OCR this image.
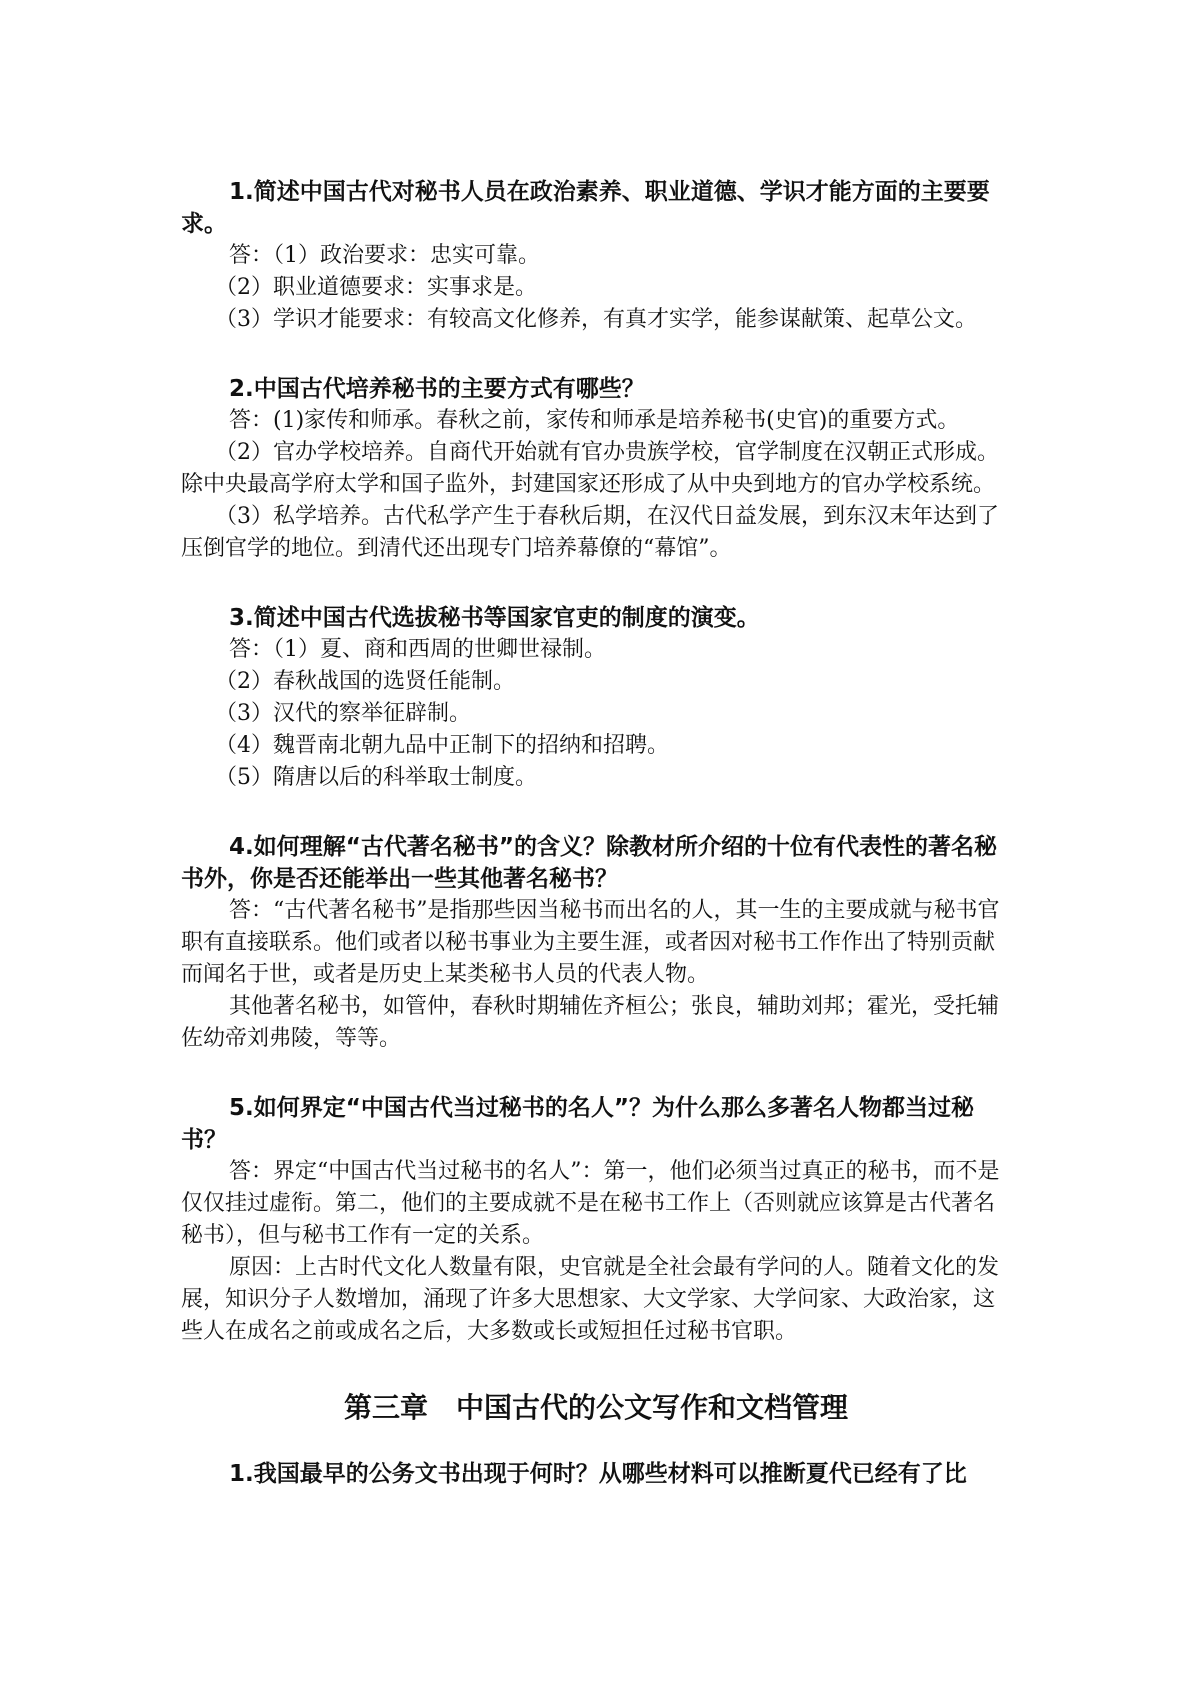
1.简述中国古代对秘书人员在政治素养、职业道德、学识才能方面的主要要求。

答：（1）政治要求：忠实可靠。

（2）职业道德要求：实事求是。

（3）学识才能要求：有较高文化修养，有真才实学，能参谋献策、起草公文。

2.中国古代培养秘书的主要方式有哪些？

答：(1)家传和师承。春秋之前，家传和师承是培养秘书(史官)的重要方式。

（2）官办学校培养。自商代开始就有官办贵族学校，官学制度在汉朝正式形成。除中央最高学府太学和国子监外，封建国家还形成了从中央到地方的官办学校系统。

（3）私学培养。古代私学产生于春秋后期，在汉代日益发展，到东汉末年达到了压倒官学的地位。到清代还出现专门培养幕僚的“幕馆”。

3.简述中国古代选拔秘书等国家官吏的制度的演变。

答：（1）夏、商和西周的世卿世禄制。

（2）春秋战国的选贤任能制。

（3）汉代的察举征辟制。

（4）魏晋南北朝九品中正制下的招纳和招聘。

（5）隋唐以后的科举取士制度。

4.如何理解“古代著名秘书”的含义？除教材所介绍的十位有代表性的著名秘书外，你是否还能举出一些其他著名秘书？

答：“古代著名秘书”是指那些因当秘书而出名的人，其一生的主要成就与秘书官职有直接联系。他们或者以秘书事业为主要生涯，或者因对秘书工作作出了特别贡献而闻名于世，或者是历史上某类秘书人员的代表人物。

其他著名秘书，如管仲，春秋时期辅佐齐桓公；张良，辅助刘邦；霍光，受托辅佐幼帝刘弗陵，等等。

5.如何界定“中国古代当过秘书的名人”？为什么那么多著名人物都当过秘书？

答：界定“中国古代当过秘书的名人”：第一，他们必须当过真正的秘书，而不是仅仅挂过虚衔。第二，他们的主要成就不是在秘书工作上（否则就应该算是古代著名秘书），但与秘书工作有一定的关系。

原因：上古时代文化人数量有限，史官就是全社会最有学问的人。随着文化的发展，知识分子人数增加，涌现了许多大思想家、大文学家、大学问家、大政治家，这些人在成名之前或成名之后，大多数或长或短担任过秘书官职。

第三章　中国古代的公文写作和文档管理

1.我国最早的公务文书出现于何时？从哪些材料可以推断夏代已经有了比
